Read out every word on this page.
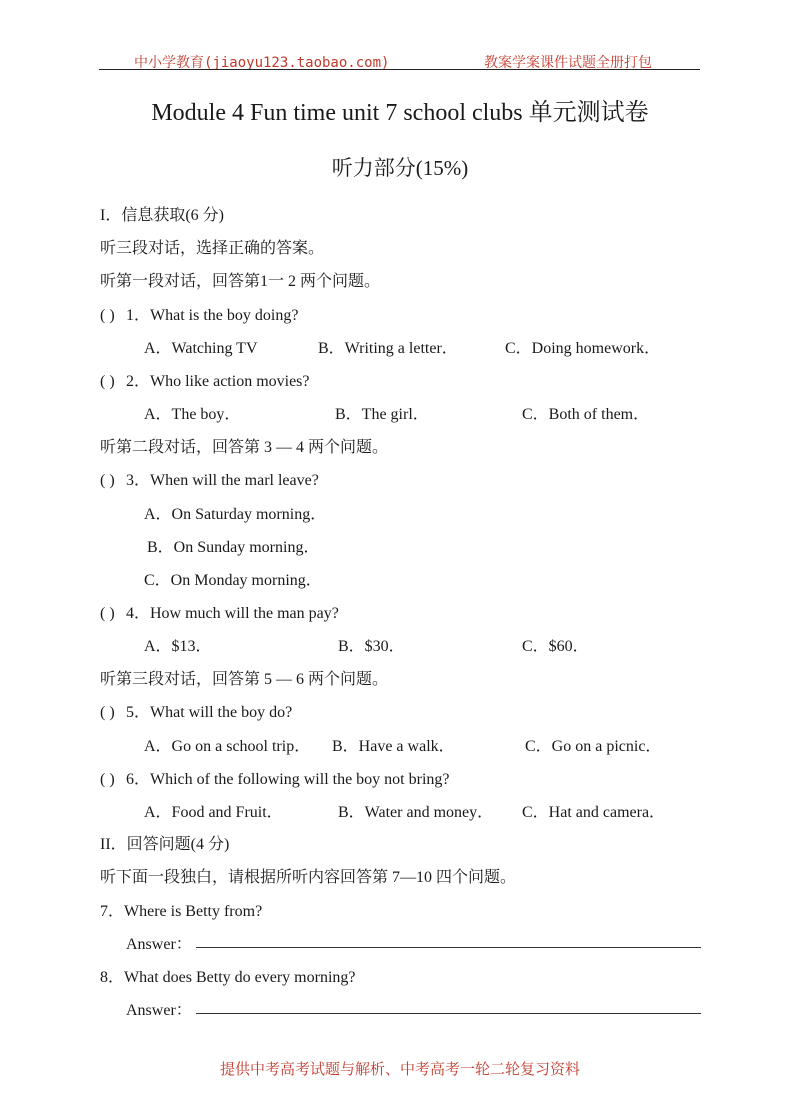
中小学教育(jiaoyu123.taobao.com)	教案学案课件试题全册打包
Module 4 Fun time unit 7 school clubs 单元测试卷
听力部分(15%)
I．信息获取(6 分)
听三段对话，选择正确的答案。
听第一段对话，回答第1一 2 两个问题。
( ) 1．What is the boy doing?
A．Watching TV	B．Writing a letter．	C．Doing homework．
( ) 2．Who like action movies?
A．The boy．	B．The girl．	C．Both of them．
听第二段对话，回答第 3 — 4 两个问题。
( ) 3．When will the marl leave?
A．On Saturday morning．
B．On Sunday morning．
C．On Monday morning．
( ) 4．How much will the man pay?
A．$13．	B．$30．	C．$60．
听第三段对话，回答第 5 — 6 两个问题。
( ) 5．What will the boy do?
A．Go on a school trip． B．Have a walk．	C．Go on a picnic．
( ) 6．Which of the following will the boy not bring?
A．Food and Fruit．	B．Water and money． C．Hat and camera．
II．回答问题(4 分)
听下面一段独白，请根据所听内容回答第 7—10 四个问题。
7．Where is Betty from?
Answer：
8．What does Betty do every morning?
Answer：
提供中考高考试题与解析、中考高考一轮二轮复习资料
